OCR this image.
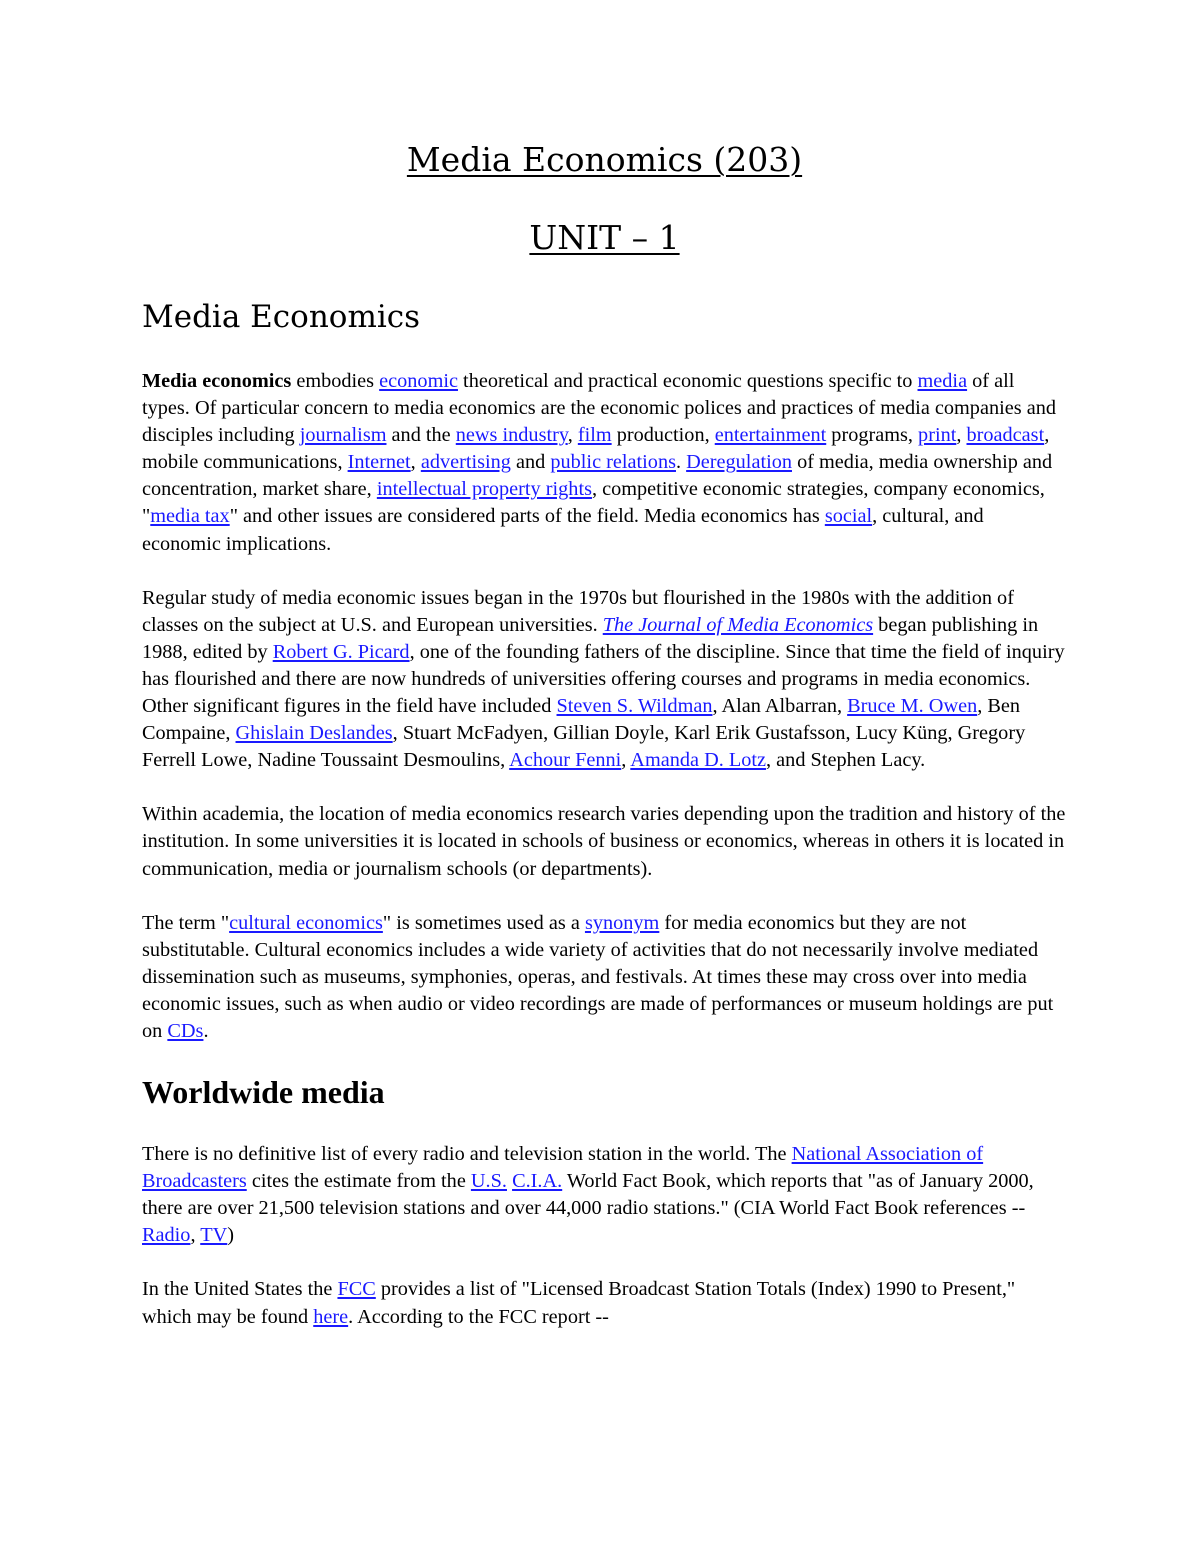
Media Economics (203)
UNIT – 1
Media Economics

Media economics embodies economic theoretical and practical economic questions specific to media of all types. Of particular concern to media economics are the economic polices and practices of media companies and disciples including journalism and the news industry, film production, entertainment programs, print, broadcast, mobile communications, Internet, advertising and public relations. Deregulation of media, media ownership and concentration, market share, intellectual property rights, competitive economic strategies, company economics, "media tax" and other issues are considered parts of the field. Media economics has social, cultural, and economic implications.

Regular study of media economic issues began in the 1970s but flourished in the 1980s with the addition of classes on the subject at U.S. and European universities. The Journal of Media Economics began publishing in 1988, edited by Robert G. Picard, one of the founding fathers of the discipline. Since that time the field of inquiry has flourished and there are now hundreds of universities offering courses and programs in media economics. Other significant figures in the field have included Steven S. Wildman, Alan Albarran, Bruce M. Owen, Ben Compaine, Ghislain Deslandes, Stuart McFadyen, Gillian Doyle, Karl Erik Gustafsson, Lucy Küng, Gregory Ferrell Lowe, Nadine Toussaint Desmoulins, Achour Fenni, Amanda D. Lotz, and Stephen Lacy.

Within academia, the location of media economics research varies depending upon the tradition and history of the institution. In some universities it is located in schools of business or economics, whereas in others it is located in communication, media or journalism schools (or departments).

The term "cultural economics" is sometimes used as a synonym for media economics but they are not substitutable. Cultural economics includes a wide variety of activities that do not necessarily involve mediated dissemination such as museums, symphonies, operas, and festivals. At times these may cross over into media economic issues, such as when audio or video recordings are made of performances or museum holdings are put on CDs.

Worldwide media

There is no definitive list of every radio and television station in the world. The National Association of Broadcasters cites the estimate from the U.S. C.I.A. World Fact Book, which reports that "as of January 2000, there are over 21,500 television stations and over 44,000 radio stations." (CIA World Fact Book references --Radio, TV)

In the United States the FCC provides a list of "Licensed Broadcast Station Totals (Index) 1990 to Present," which may be found here. According to the FCC report --
